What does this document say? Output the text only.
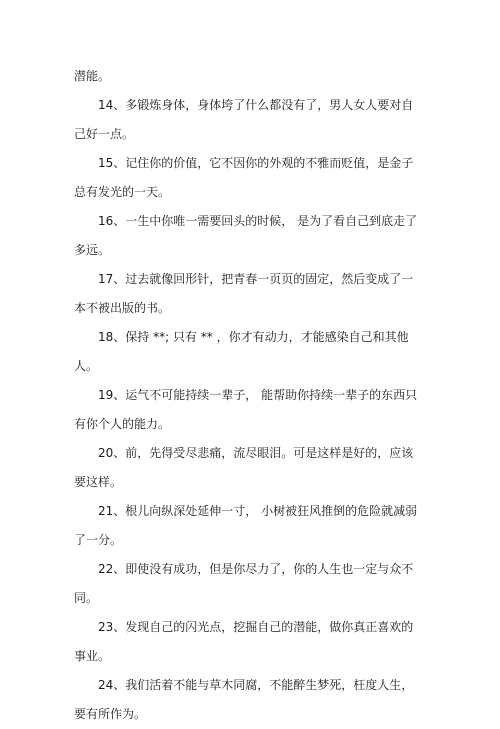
潜能。

14、多锻炼身体，身体垮了什么都没有了，男人女人要对自己好一点。

15、记住你的价值，它不因你的外观的不雅而贬值，是金子总有发光的一天。

16、一生中你唯一需要回头的时候， 是为了看自己到底走了多远。

17、过去就像回形针，把青春一页页的固定，然后变成了一本不被出版的书。

18、保持 **; 只有 ** ，你才有动力，才能感染自己和其他人。

19、运气不可能持续一辈子， 能帮助你持续一辈子的东西只有你个人的能力。

20、前，先得受尽悲痛，流尽眼泪。可是这样是好的，应该要这样。

21、根儿向纵深处延伸一寸， 小树被狂风推倒的危险就减弱了一分。

22、即使没有成功，但是你尽力了，你的人生也一定与众不同。

23、发现自己的闪光点，挖掘自己的潜能，做你真正喜欢的事业。

24、我们活着不能与草木同腐，不能醉生梦死，枉度人生，要有所作为。
